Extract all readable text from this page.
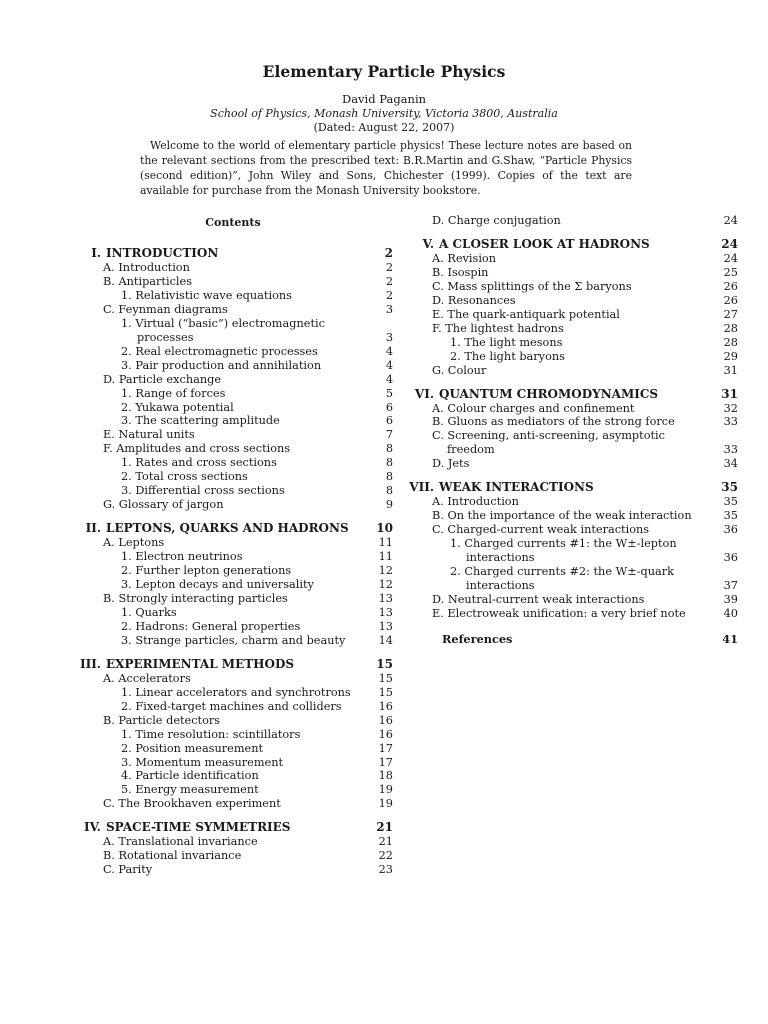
Elementary Particle Physics
David Paganin
School of Physics, Monash University, Victoria 3800, Australia
(Dated: August 22, 2007)
Welcome to the world of elementary particle physics! These lecture notes are based on the relevant sections from the prescribed text: B.R.Martin and G.Shaw, “Particle Physics (second edition)”, John Wiley and Sons, Chichester (1999). Copies of the text are available for purchase from the Monash University bookstore.
Contents
I. INTRODUCTION	2
A. Introduction	2
B. Antiparticles	2
1. Relativistic wave equations	2
C. Feynman diagrams	3
1. Virtual (“basic”) electromagnetic
processes	3
2. Real electromagnetic processes	4
3. Pair production and annihilation	4
D. Particle exchange	4
1. Range of forces	5
2. Yukawa potential	6
3. The scattering amplitude	6
E. Natural units	7
F. Amplitudes and cross sections	8
1. Rates and cross sections	8
2. Total cross sections	8
3. Differential cross sections	8
G. Glossary of jargon	9
II. LEPTONS, QUARKS AND HADRONS	10
A. Leptons	11
1. Electron neutrinos	11
2. Further lepton generations	12
3. Lepton decays and universality	12
B. Strongly interacting particles	13
1. Quarks	13
2. Hadrons: General properties	13
3. Strange particles, charm and beauty	14
III. EXPERIMENTAL METHODS	15
A. Accelerators	15
1. Linear accelerators and synchrotrons	15
2. Fixed-target machines and colliders	16
B. Particle detectors	16
1. Time resolution: scintillators	16
2. Position measurement	17
3. Momentum measurement	17
4. Particle identification	18
5. Energy measurement	19
C. The Brookhaven experiment	19
IV. SPACE-TIME SYMMETRIES	21
A. Translational invariance	21
B. Rotational invariance	22
C. Parity	23
D. Charge conjugation	24
V. A CLOSER LOOK AT HADRONS	24
A. Revision	24
B. Isospin	25
C. Mass splittings of the Σ baryons	26
D. Resonances	26
E. The quark-antiquark potential	27
F. The lightest hadrons	28
1. The light mesons	28
2. The light baryons	29
G. Colour	31
VI. QUANTUM CHROMODYNAMICS	31
A. Colour charges and confinement	32
B. Gluons as mediators of the strong force	33
C. Screening, anti-screening, asymptotic
freedom	33
D. Jets	34
VII. WEAK INTERACTIONS	35
A. Introduction	35
B. On the importance of the weak interaction	35
C. Charged-current weak interactions	36
1. Charged currents #1: the W±-lepton
interactions	36
2. Charged currents #2: the W±-quark
interactions	37
D. Neutral-current weak interactions	39
E. Electroweak unification: a very brief note	40
References	41
